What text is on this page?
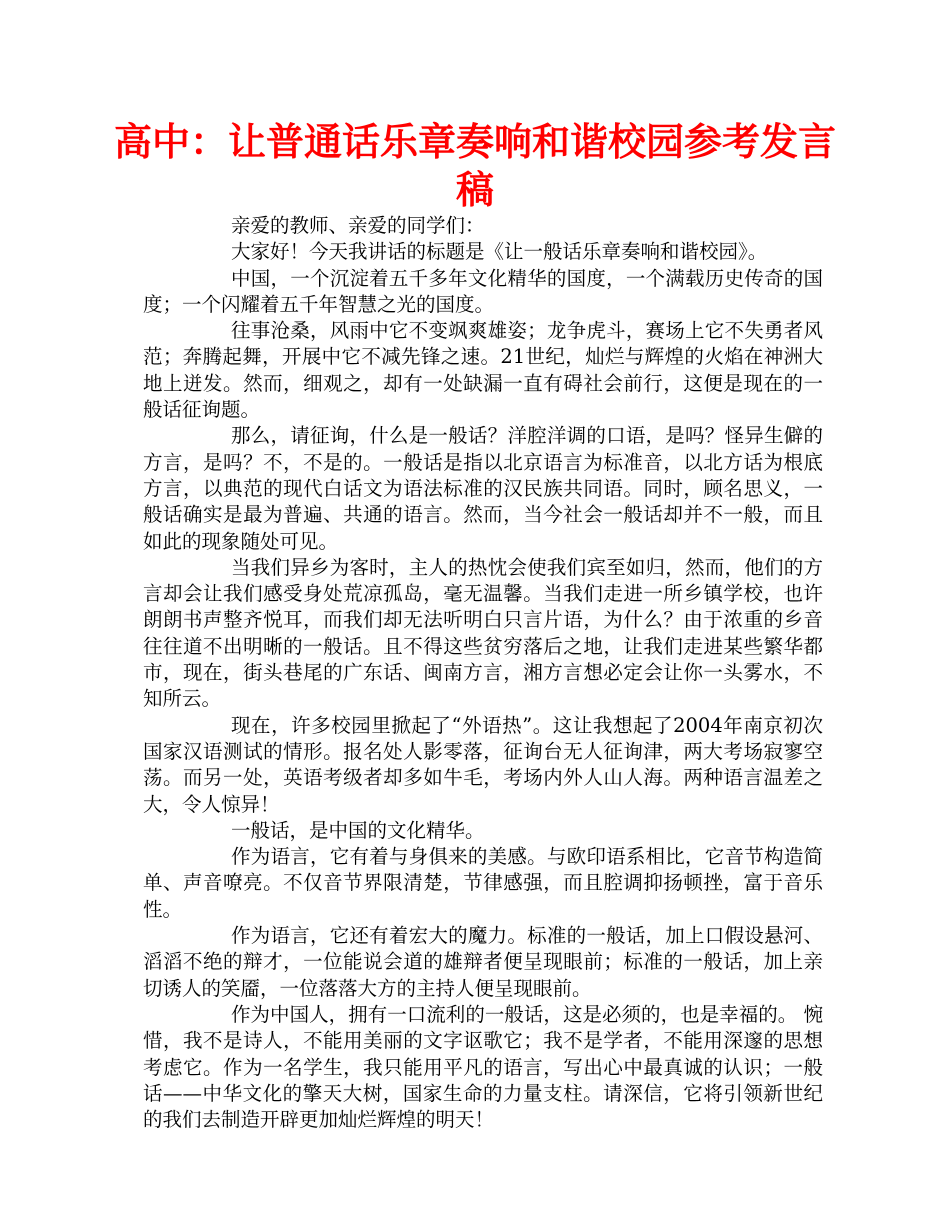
高中：让普通话乐章奏响和谐校园参考发言稿

亲爱的教师、亲爱的同学们：

大家好！今天我讲话的标题是《让一般话乐章奏响和谐校园》。

中国，一个沉淀着五千多年文化精华的国度，一个满载历史传奇的国度；一个闪耀着五千年智慧之光的国度。

往事沧桑，风雨中它不变飒爽雄姿；龙争虎斗，赛场上它不失勇者风范；奔腾起舞，开展中它不减先锋之速。21世纪，灿烂与辉煌的火焰在神洲大地上迸发。然而，细观之，却有一处缺漏一直有碍社会前行，这便是现在的一般话征询题。

那么，请征询，什么是一般话？洋腔洋调的口语，是吗？怪异生僻的方言，是吗？不，不是的。一般话是指以北京语言为标准音，以北方话为根底方言，以典范的现代白话文为语法标准的汉民族共同语。同时，顾名思义，一般话确实是最为普遍、共通的语言。然而，当今社会一般话却并不一般，而且如此的现象随处可见。

当我们异乡为客时，主人的热忱会使我们宾至如归，然而，他们的方言却会让我们感受身处荒凉孤岛，毫无温馨。当我们走进一所乡镇学校，也许朗朗书声整齐悦耳，而我们却无法听明白只言片语，为什么？由于浓重的乡音往往道不出明晰的一般话。且不得这些贫穷落后之地，让我们走进某些繁华都市，现在，街头巷尾的广东话、闽南方言，湘方言想必定会让你一头雾水，不知所云。

现在，许多校园里掀起了“外语热”。这让我想起了2004年南京初次国家汉语测试的情形。报名处人影零落，征询台无人征询津，两大考场寂寥空荡。而另一处，英语考级者却多如牛毛，考场内外人山人海。两种语言温差之大，令人惊异！

一般话，是中国的文化精华。

作为语言，它有着与身俱来的美感。与欧印语系相比，它音节构造简单、声音嘹亮。不仅音节界限清楚，节律感强，而且腔调抑扬顿挫，富于音乐性。

作为语言，它还有着宏大的魔力。标准的一般话，加上口假设悬河、滔滔不绝的辩才，一位能说会道的雄辩者便呈现眼前；标准的一般话，加上亲切诱人的笑靥，一位落落大方的主持人便呈现眼前。

作为中国人，拥有一口流利的一般话，这是必须的，也是幸福的。 惋惜，我不是诗人，不能用美丽的文字讴歌它；我不是学者，不能用深邃的思想考虑它。作为一名学生，我只能用平凡的语言，写出心中最真诚的认识；一般话——中华文化的擎天大树，国家生命的力量支柱。请深信，它将引领新世纪的我们去制造开辟更加灿烂辉煌的明天！
